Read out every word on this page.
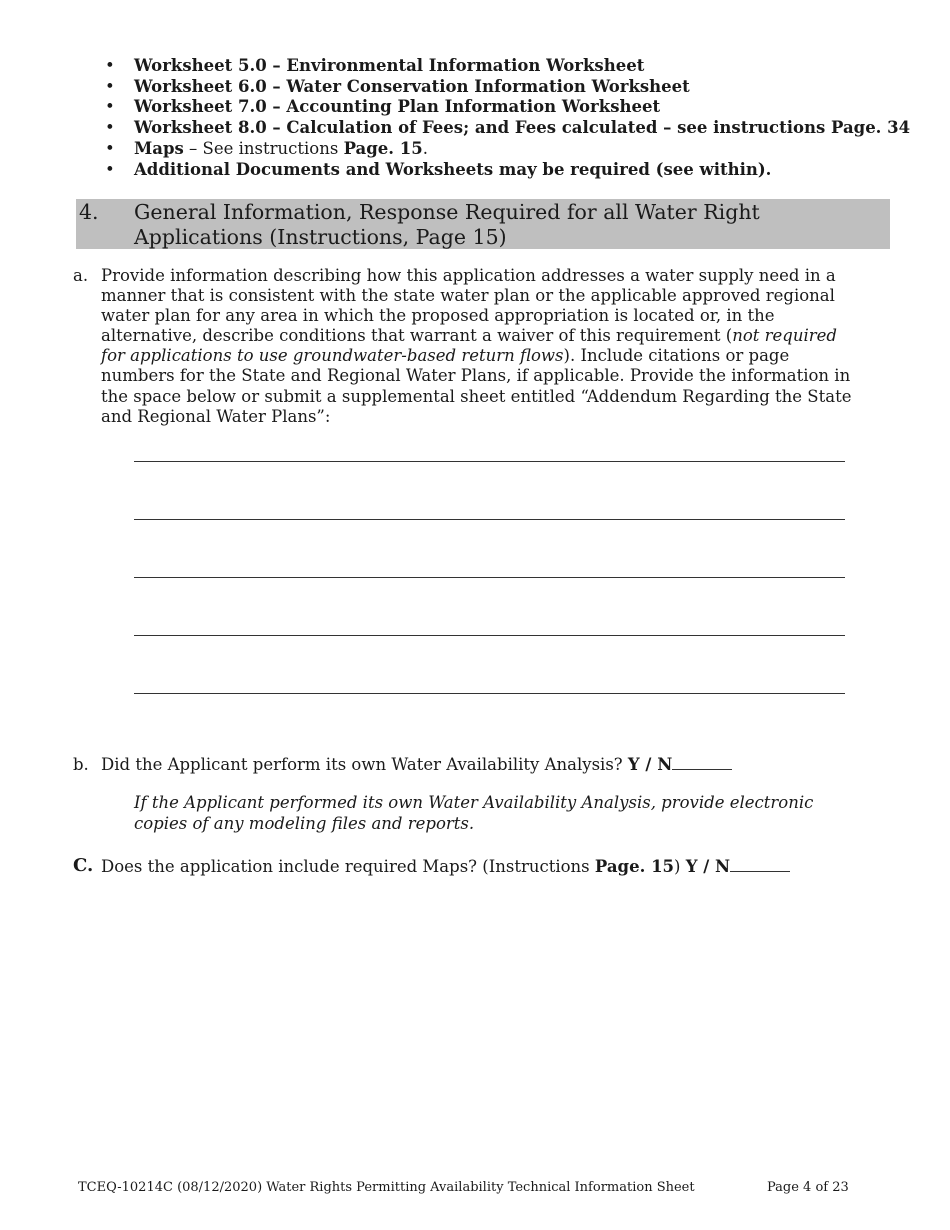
• Worksheet 5.0 – Environmental Information Worksheet
• Worksheet 6.0 – Water Conservation Information Worksheet
• Worksheet 7.0 – Accounting Plan Information Worksheet
• Worksheet 8.0 – Calculation of Fees; and Fees calculated – see instructions Page. 34
• Maps – See instructions Page. 15.
• Additional Documents and Worksheets may be required (see within).
4. General Information, Response Required for all Water Right Applications (Instructions, Page 15)
a. Provide information describing how this application addresses a water supply need in a manner that is consistent with the state water plan or the applicable approved regional water plan for any area in which the proposed appropriation is located or, in the alternative, describe conditions that warrant a waiver of this requirement (not required for applications to use groundwater-based return flows). Include citations or page numbers for the State and Regional Water Plans, if applicable. Provide the information in the space below or submit a supplemental sheet entitled “Addendum Regarding the State and Regional Water Plans”:
b. Did the Applicant perform its own Water Availability Analysis? Y / N
If the Applicant performed its own Water Availability Analysis, provide electronic copies of any modeling files and reports.
C. Does the application include required Maps? (Instructions Page. 15) Y / N
TCEQ-10214C (08/12/2020) Water Rights Permitting Availability Technical Information Sheet	Page 4 of 23
